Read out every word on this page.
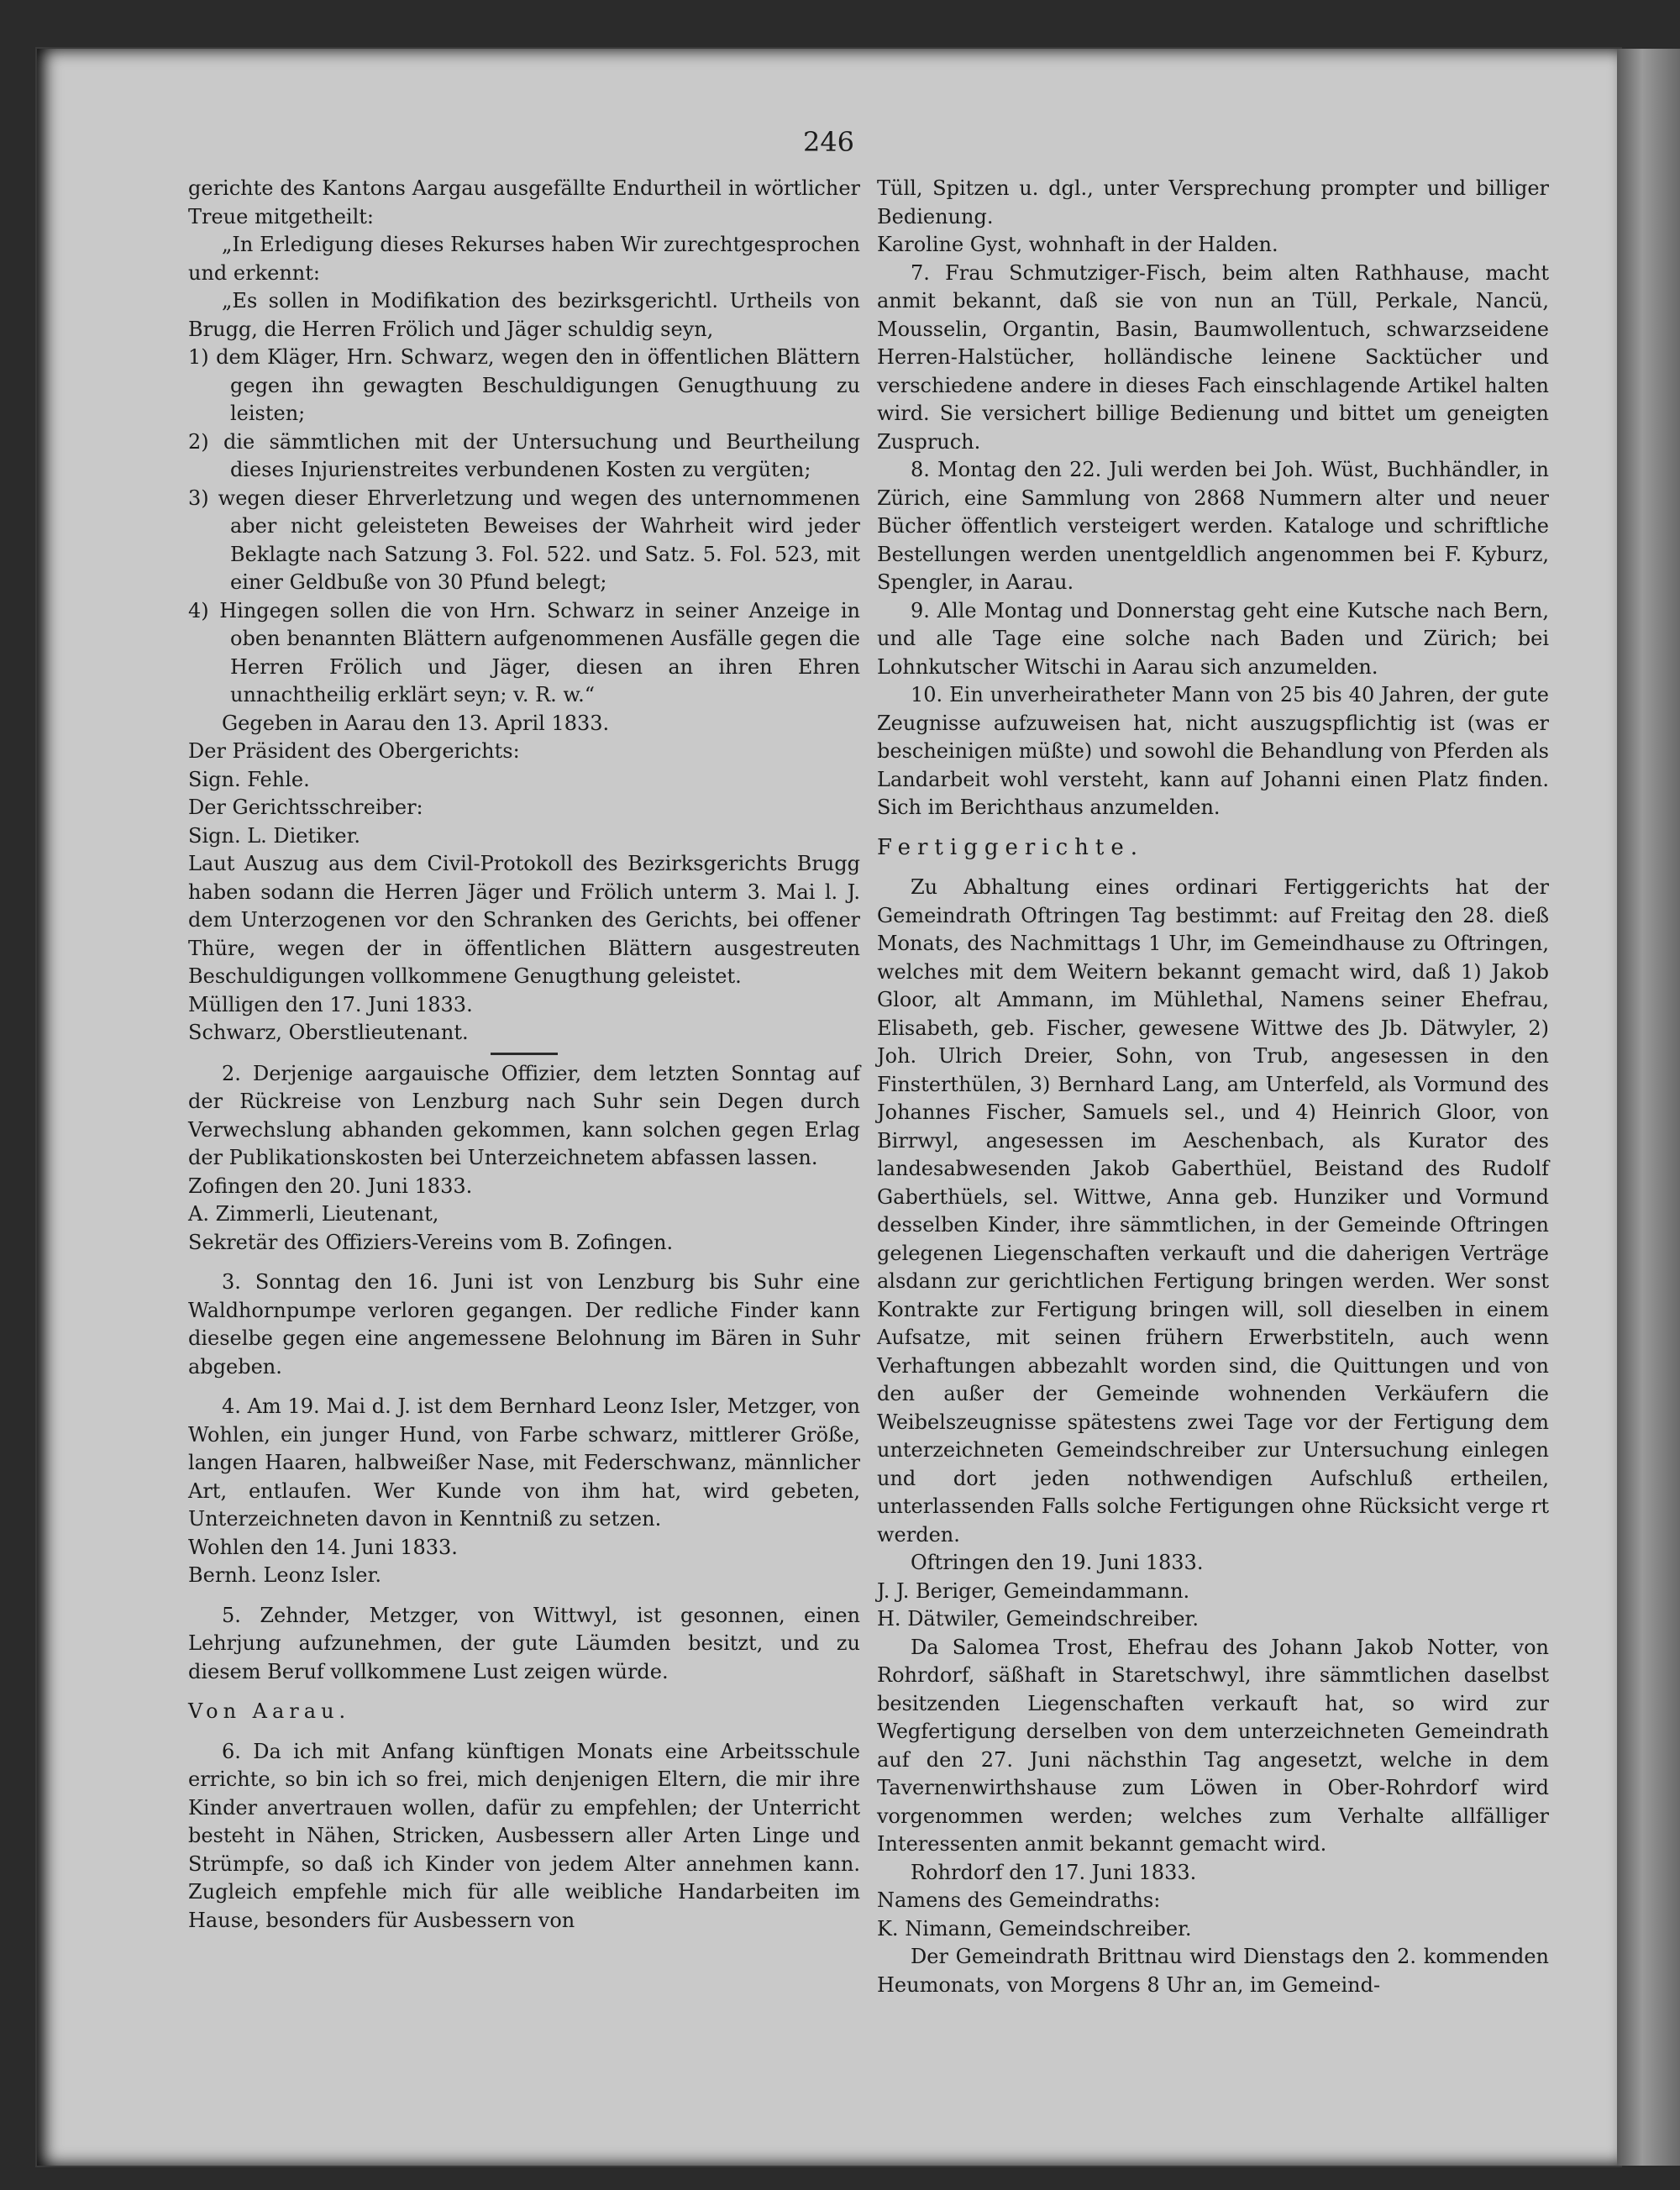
246

gerichte des Kantons Aargau ausgefällte Endurtheil in wörtlicher Treue mitgetheilt:

„In Erledigung dieses Rekurses haben Wir zurechtgesprochen und erkennt:

„Es sollen in Modifikation des bezirksgerichtl. Urtheils von Brugg, die Herren Frölich und Jäger schuldig seyn,

1) dem Kläger, Hrn. Schwarz, wegen den in öffentlichen Blättern gegen ihn gewagten Beschuldigungen Genugthuung zu leisten;
2) die sämmtlichen mit der Untersuchung und Beurtheilung dieses Injurienstreites verbundenen Kosten zu vergüten;
3) wegen dieser Ehrverletzung und wegen des unternommenen aber nicht geleisteten Beweises der Wahrheit wird jeder Beklagte nach Satzung 3. Fol. 522. und Satz. 5. Fol. 523, mit einer Geldbuße von 30 Pfund belegt;
4) Hingegen sollen die von Hrn. Schwarz in seiner Anzeige in oben benannten Blättern aufgenommenen Ausfälle gegen die Herren Frölich und Jäger, diesen an ihren Ehren unnachtheilig erklärt seyn; v. R. w.“

Gegeben in Aarau den 13. April 1833.

Der Präsident des Obergerichts:

Sign. Fehle.

Der Gerichtsschreiber:

Sign. L. Dietiker.

Laut Auszug aus dem Civil-Protokoll des Bezirksgerichts Brugg haben sodann die Herren Jäger und Frölich unterm 3. Mai l. J. dem Unterzogenen vor den Schranken des Gerichts, bei offener Thüre, wegen der in öffentlichen Blättern ausgestreuten Beschuldigungen vollkommene Genugthung geleistet.

Mülligen den 17. Juni 1833.

Schwarz, Oberstlieutenant.

2. Derjenige aargauische Offizier, dem letzten Sonntag auf der Rückreise von Lenzburg nach Suhr sein Degen durch Verwechslung abhanden gekommen, kann solchen gegen Erlag der Publikationskosten bei Unterzeichnetem abfassen lassen.

Zofingen den 20. Juni 1833.

A. Zimmerli, Lieutenant,

Sekretär des Offiziers-Vereins vom B. Zofingen.

3. Sonntag den 16. Juni ist von Lenzburg bis Suhr eine Waldhornpumpe verloren gegangen. Der redliche Finder kann dieselbe gegen eine angemessene Belohnung im Bären in Suhr abgeben.

4. Am 19. Mai d. J. ist dem Bernhard Leonz Isler, Metzger, von Wohlen, ein junger Hund, von Farbe schwarz, mittlerer Größe, langen Haaren, halbweißer Nase, mit Federschwanz, männlicher Art, entlaufen. Wer Kunde von ihm hat, wird gebeten, Unterzeichneten davon in Kenntniß zu setzen.

Wohlen den 14. Juni 1833.

Bernh. Leonz Isler.

5. Zehnder, Metzger, von Wittwyl, ist gesonnen, einen Lehrjung aufzunehmen, der gute Läumden besitzt, und zu diesem Beruf vollkommene Lust zeigen würde.

Von Aarau.

6. Da ich mit Anfang künftigen Monats eine Arbeitsschule errichte, so bin ich so frei, mich denjenigen Eltern, die mir ihre Kinder anvertrauen wollen, dafür zu empfehlen; der Unterricht besteht in Nähen, Stricken, Ausbessern aller Arten Linge und Strümpfe, so daß ich Kinder von jedem Alter annehmen kann. Zugleich empfehle mich für alle weibliche Handarbeiten im Hause, besonders für Ausbessern von

Tüll, Spitzen u. dgl., unter Versprechung prompter und billiger Bedienung.

Karoline Gyst, wohnhaft in der Halden.

7. Frau Schmutziger-Fisch, beim alten Rathhause, macht anmit bekannt, daß sie von nun an Tüll, Perkale, Nancü, Mousselin, Organtin, Basin, Baumwollentuch, schwarzseidene Herren-Halstücher, holländische leinene Sacktücher und verschiedene andere in dieses Fach einschlagende Artikel halten wird. Sie versichert billige Bedienung und bittet um geneigten Zuspruch.

8. Montag den 22. Juli werden bei Joh. Wüst, Buchhändler, in Zürich, eine Sammlung von 2868 Nummern alter und neuer Bücher öffentlich versteigert werden. Kataloge und schriftliche Bestellungen werden unentgeldlich angenommen bei F. Kyburz, Spengler, in Aarau.

9. Alle Montag und Donnerstag geht eine Kutsche nach Bern, und alle Tage eine solche nach Baden und Zürich; bei Lohnkutscher Witschi in Aarau sich anzumelden.

10. Ein unverheiratheter Mann von 25 bis 40 Jahren, der gute Zeugnisse aufzuweisen hat, nicht auszugspflichtig ist (was er bescheinigen müßte) und sowohl die Behandlung von Pferden als Landarbeit wohl versteht, kann auf Johanni einen Platz finden. Sich im Berichthaus anzumelden.

Fertiggerichte.

Zu Abhaltung eines ordinari Fertiggerichts hat der Gemeindrath Oftringen Tag bestimmt: auf Freitag den 28. dieß Monats, des Nachmittags 1 Uhr, im Gemeindhause zu Oftringen, welches mit dem Weitern bekannt gemacht wird, daß 1) Jakob Gloor, alt Ammann, im Mühlethal, Namens seiner Ehefrau, Elisabeth, geb. Fischer, gewesene Wittwe des Jb. Dätwyler, 2) Joh. Ulrich Dreier, Sohn, von Trub, angesessen in den Finsterthülen, 3) Bernhard Lang, am Unterfeld, als Vormund des Johannes Fischer, Samuels sel., und 4) Heinrich Gloor, von Birrwyl, angesessen im Aeschenbach, als Kurator des landesabwesenden Jakob Gaberthüel, Beistand des Rudolf Gaberthüels, sel. Wittwe, Anna geb. Hunziker und Vormund desselben Kinder, ihre sämmtlichen, in der Gemeinde Oftringen gelegenen Liegenschaften verkauft und die daherigen Verträge alsdann zur gerichtlichen Fertigung bringen werden. Wer sonst Kontrakte zur Fertigung bringen will, soll dieselben in einem Aufsatze, mit seinen frühern Erwerbstiteln, auch wenn Verhaftungen abbezahlt worden sind, die Quittungen und von den außer der Gemeinde wohnenden Verkäufern die Weibelszeugnisse spätestens zwei Tage vor der Fertigung dem unterzeichneten Gemeindschreiber zur Untersuchung einlegen und dort jeden nothwendigen Aufschluß ertheilen, unterlassenden Falls solche Fertigungen ohne Rücksicht verge rt werden.

Oftringen den 19. Juni 1833.

J. J. Beriger, Gemeindammann.

H. Dätwiler, Gemeindschreiber.

Da Salomea Trost, Ehefrau des Johann Jakob Notter, von Rohrdorf, säßhaft in Staretschwyl, ihre sämmtlichen daselbst besitzenden Liegenschaften verkauft hat, so wird zur Wegfertigung derselben von dem unterzeichneten Gemeindrath auf den 27. Juni nächsthin Tag angesetzt, welche in dem Tavernenwirthshause zum Löwen in Ober-Rohrdorf wird vorgenommen werden; welches zum Verhalte allfälliger Interessenten anmit bekannt gemacht wird.

Rohrdorf den 17. Juni 1833.

Namens des Gemeindraths:

K. Nimann, Gemeindschreiber.

Der Gemeindrath Brittnau wird Dienstags den 2. kommenden Heumonats, von Morgens 8 Uhr an, im Gemeind-
